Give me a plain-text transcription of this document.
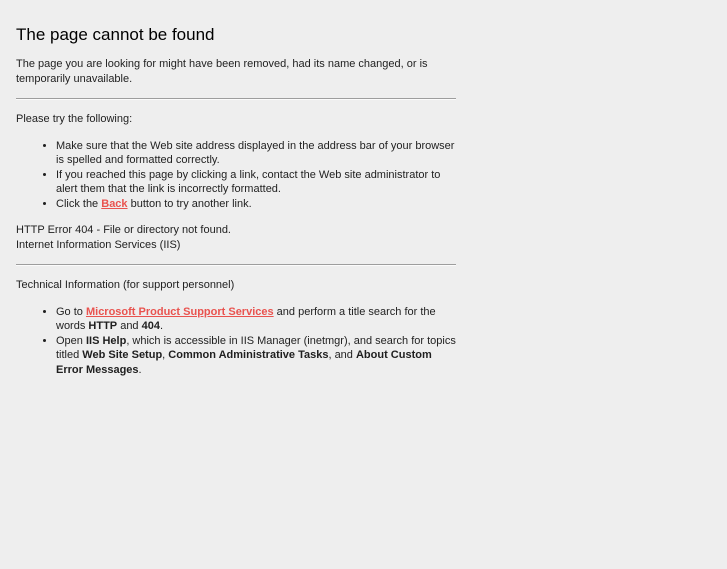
The page cannot be found

The page you are looking for might have been removed, had its name changed, or is temporarily unavailable.

Please try the following:

• Make sure that the Web site address displayed in the address bar of your browser is spelled and formatted correctly.
• If you reached this page by clicking a link, contact the Web site administrator to alert them that the link is incorrectly formatted.
• Click the Back button to try another link.

HTTP Error 404 - File or directory not found.
Internet Information Services (IIS)

Technical Information (for support personnel)

• Go to Microsoft Product Support Services and perform a title search for the words HTTP and 404.
• Open IIS Help, which is accessible in IIS Manager (inetmgr), and search for topics titled Web Site Setup, Common Administrative Tasks, and About Custom Error Messages.
